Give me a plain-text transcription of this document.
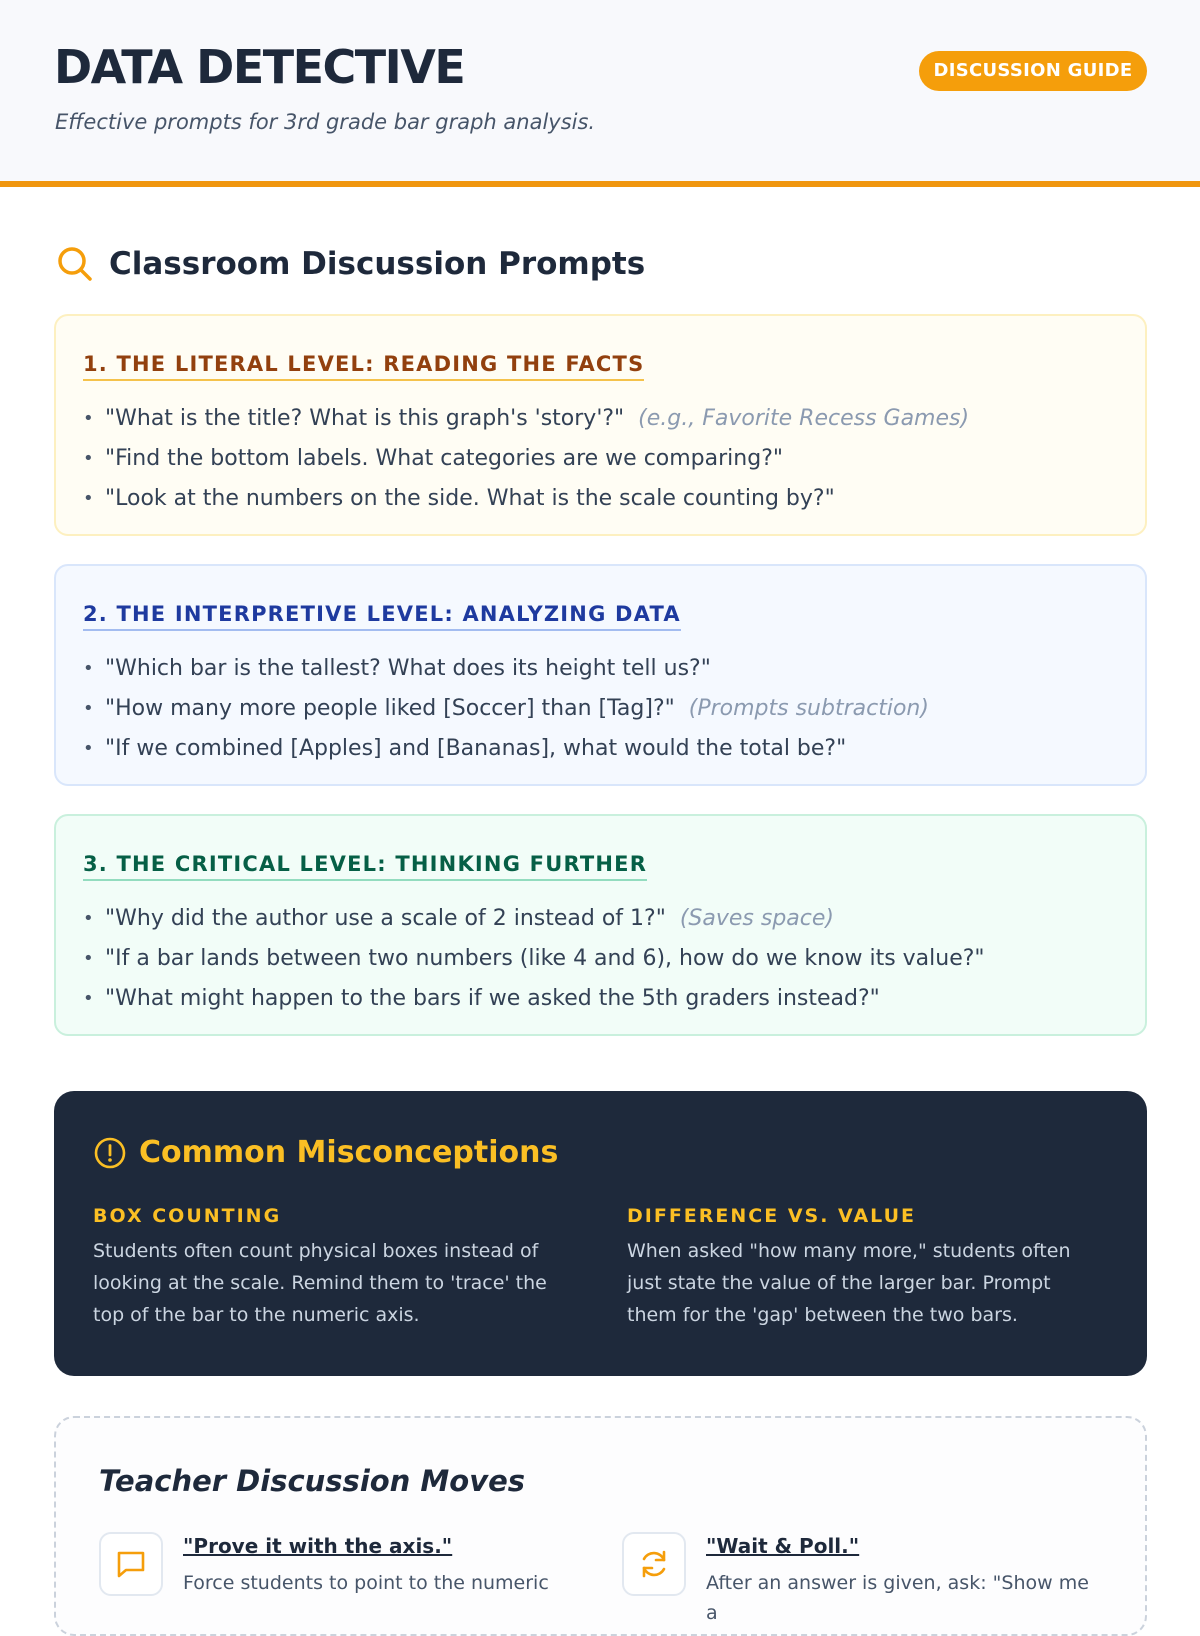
DATA DETECTIVE
Effective prompts for 3rd grade bar graph analysis.
DISCUSSION GUIDE
Classroom Discussion Prompts
1. THE LITERAL LEVEL: READING THE FACTS
• "What is the title? What is this graph's 'story'?" (e.g., Favorite Recess Games)
• "Find the bottom labels. What categories are we comparing?"
• "Look at the numbers on the side. What is the scale counting by?"
2. THE INTERPRETIVE LEVEL: ANALYZING DATA
• "Which bar is the tallest? What does its height tell us?"
• "How many more people liked [Soccer] than [Tag]?" (Prompts subtraction)
• "If we combined [Apples] and [Bananas], what would the total be?"
3. THE CRITICAL LEVEL: THINKING FURTHER
• "Why did the author use a scale of 2 instead of 1?" (Saves space)
• "If a bar lands between two numbers (like 4 and 6), how do we know its value?"
• "What might happen to the bars if we asked the 5th graders instead?"
Common Misconceptions
BOX COUNTING

Students often count physical boxes instead of looking at the scale. Remind them to 'trace' the top of the bar to the numeric axis.

DIFFERENCE VS. VALUE

When asked "how many more," students often just state the value of the larger bar. Prompt them for the 'gap' between the two bars.

Teacher Discussion Moves
"Prove it with the axis."
Force students to point to the numeric
"Wait & Poll."
After an answer is given, ask: "Show me a
